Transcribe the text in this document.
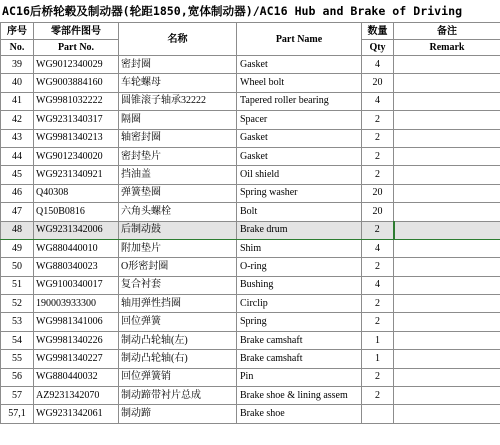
AC16后桥轮毂及制动器(轮距1850,宽体制动器)/AC16 Hub and Brake of Driving
序号	零部件图号	名称	Part Name	数量	备注
No.	Part No.			Qty	Remark
39	WG9012340029	密封圈	Gasket	4	
40	WG9003884160	车轮螺母	Wheel bolt	20	
41	WG9981032222	圆锥滚子轴承32222	Tapered roller bearing	4	
42	WG9231340317	隔圈	Spacer	2	
43	WG9981340213	轴密封圈	Gasket	2	
44	WG9012340020	密封垫片	Gasket	2	
45	WG9231340921	挡油盖	Oil shield	2	
46	Q40308	弹簧垫圈	Spring washer	20	
47	Q150B0816	六角头螺栓	Bolt	20	
48	WG9231342006	后制动鼓	Brake drum	2	
49	WG880440010	附加垫片	Shim	4	
50	WG880340023	O形密封圈	O-ring	2	
51	WG9100340017	复合衬套	Bushing	4	
52	190003933300	轴用弹性挡圈	Circlip	2	
53	WG9981341006	回位弹簧	Spring	2	
54	WG9981340226	制动凸轮轴(左)	Brake camshaft	1	
55	WG9981340227	制动凸轮轴(右)	Brake camshaft	1	
56	WG880440032	回位弹簧销	Pin	2	
57	AZ9231342070	制动蹄带衬片总成	Brake shoe & lining assem	2	
57,1	WG9231342061	制动蹄	Brake shoe		
